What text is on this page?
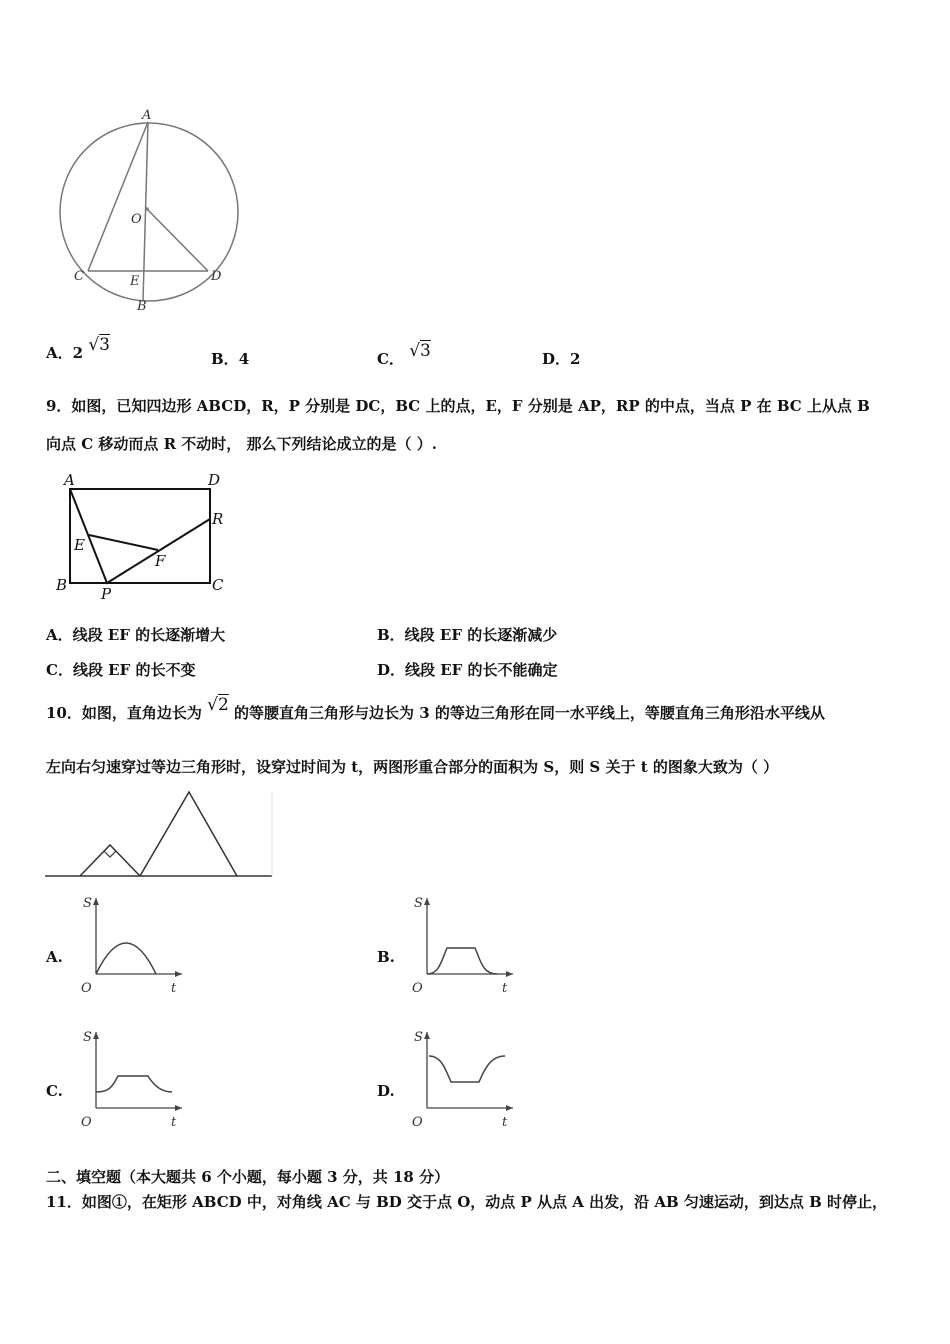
A
O
C	E	D
B
A．2 √3
B．4	C． √3	D．2
9．如图，已知四边形 ABCD，R，P 分别是 DC，BC 上的点，E，F 分别是 AP，RP 的中点，当点 P 在 BC 上从点 B
向点 C 移动而点 R 不动时， 那么下列结论成立的是（ ）.
A	D
R
E
F
B P	C
A．线段 EF 的长逐渐增大	B．线段 EF 的长逐渐减少
C．线段 EF 的长不变	D．线段 EF 的长不能确定
10．如图，直角边长为 √2 的等腰直角三角形与边长为 3 的等边三角形在同一水平线上，等腰直角三角形沿水平线从
左向右匀速穿过等边三角形时，设穿过时间为 t，两图形重合部分的面积为 S，则 S 关于 t 的图象大致为（ ）
A.
S
O	t
B.
S
O	t
C.
S
O	t
D.
S
O	t
二、填空题（本大题共 6 个小题，每小题 3 分，共 18 分）
11．如图①，在矩形 ABCD 中，对角线 AC 与 BD 交于点 O，动点 P 从点 A 出发，沿 AB 匀速运动，到达点 B 时停止，
